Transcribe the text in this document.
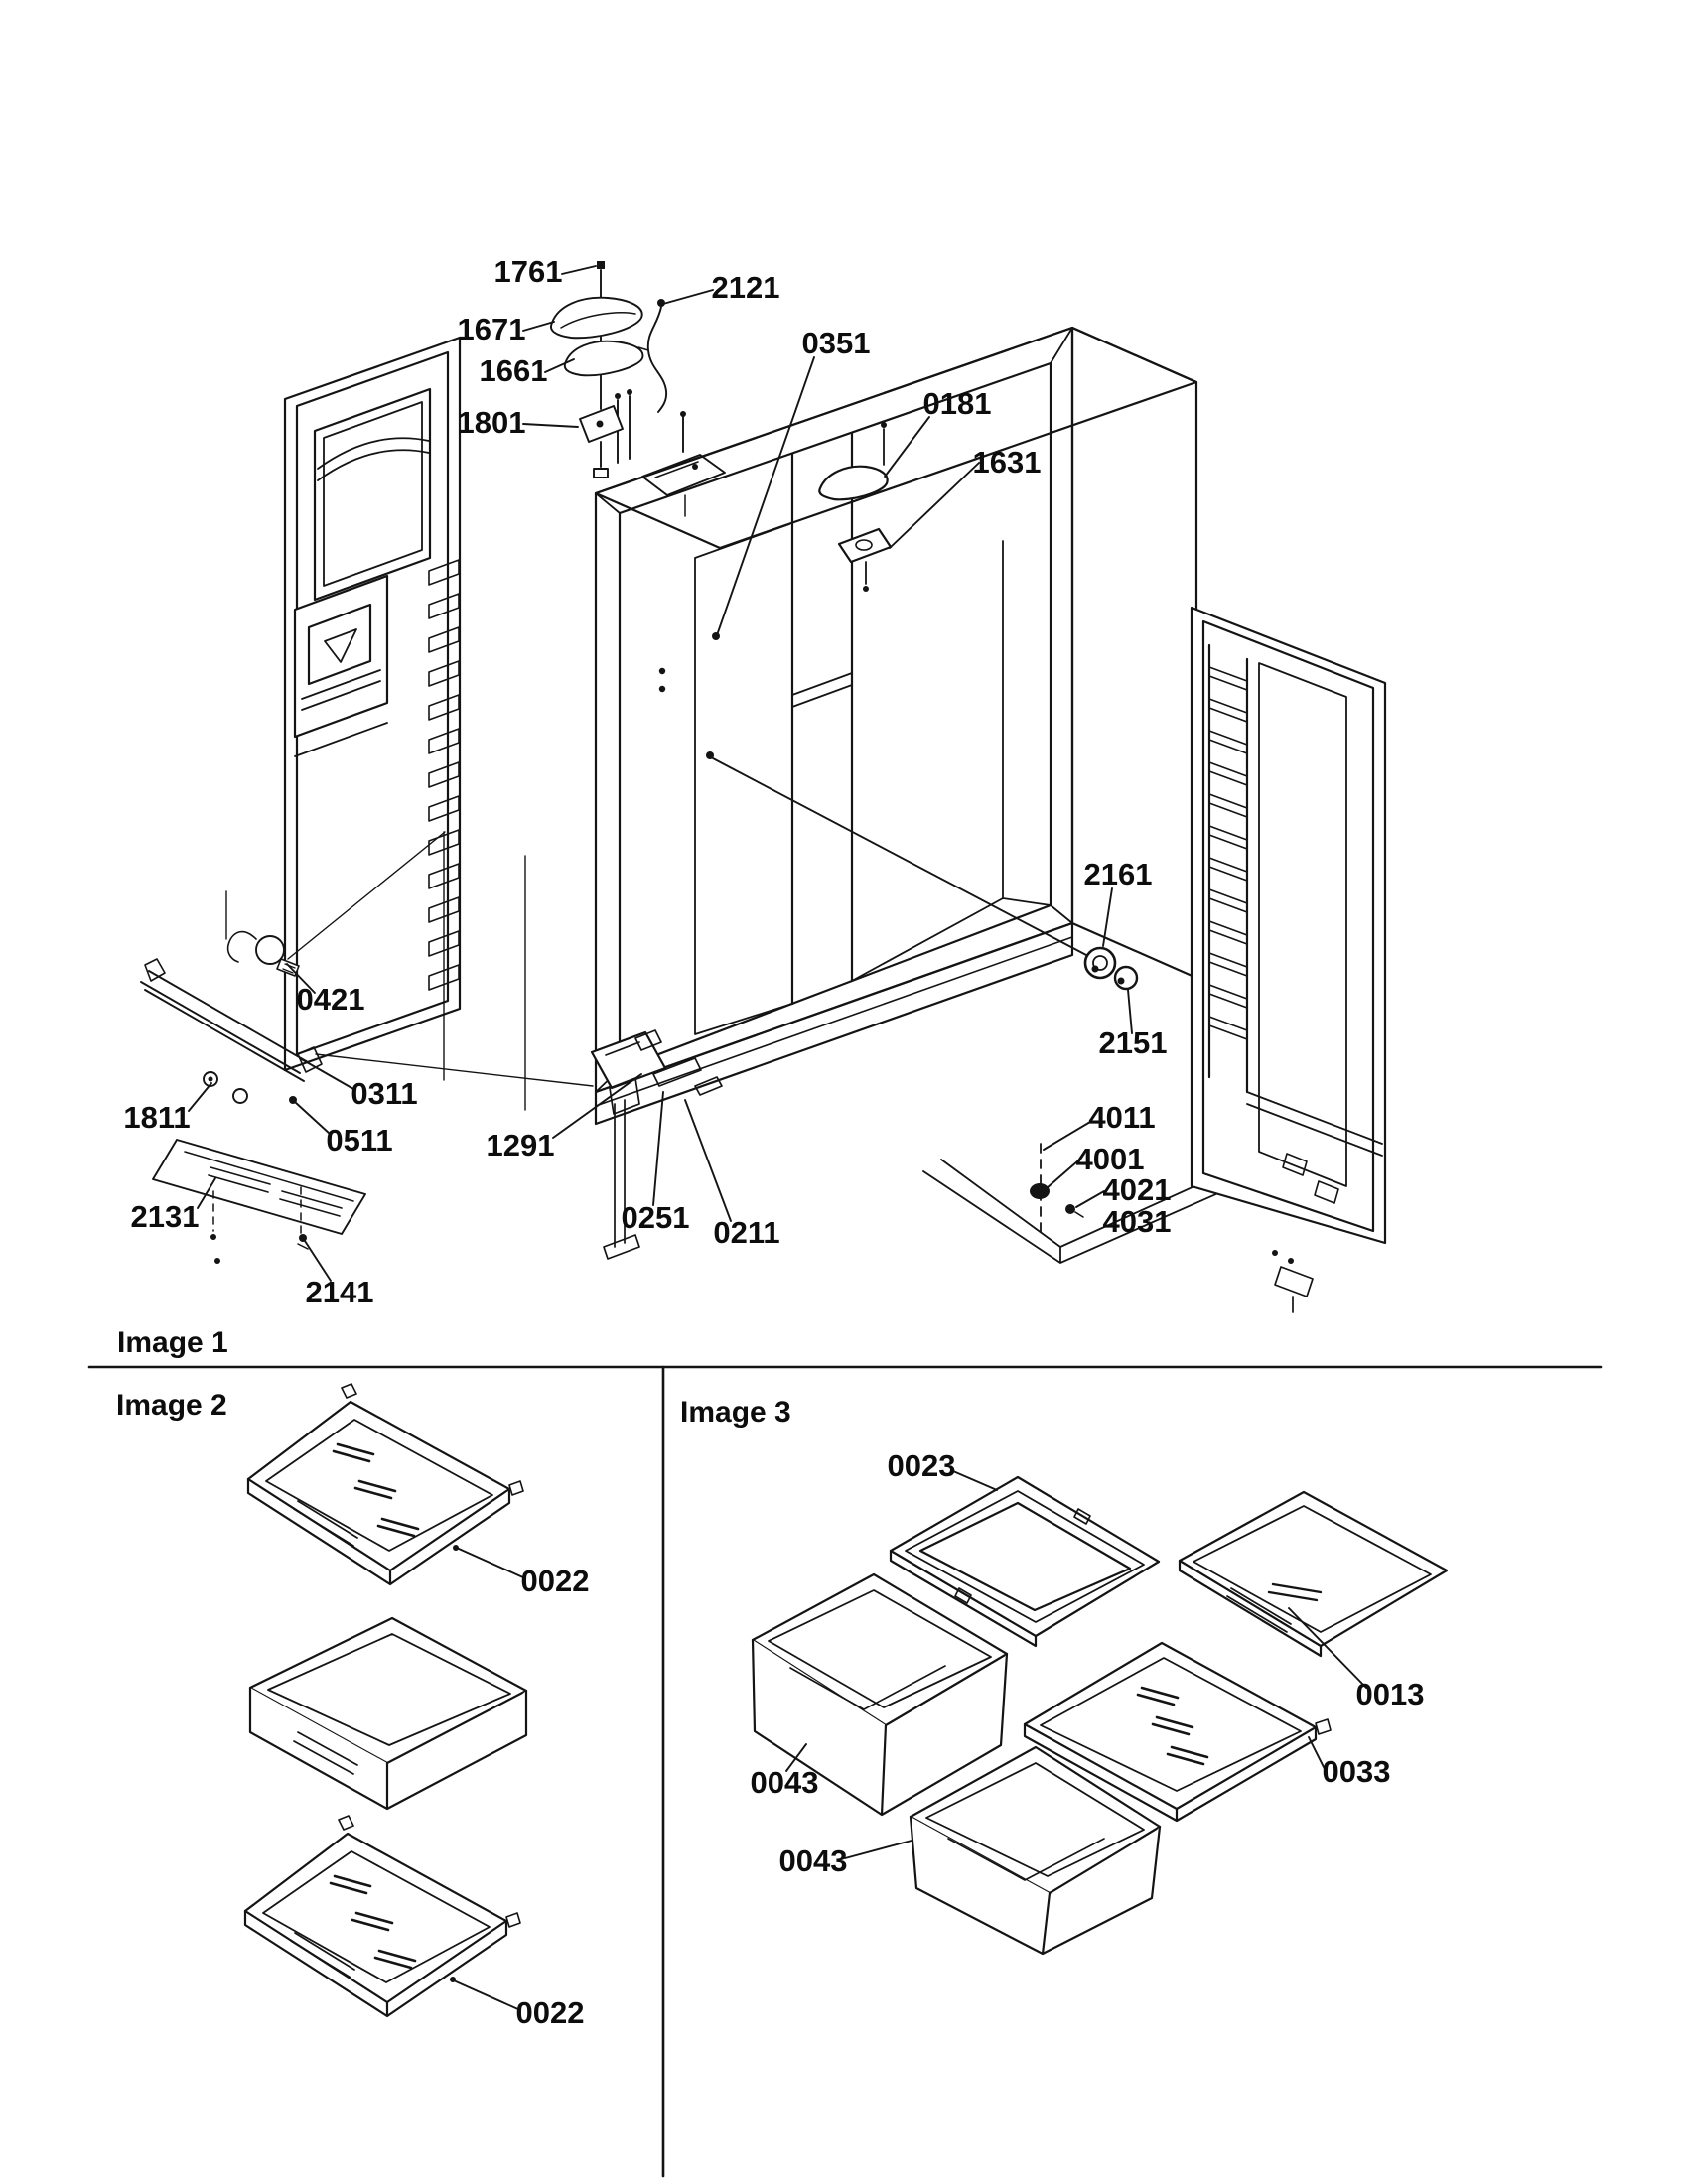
1761	2121
1671
1661
1801
0351
0181
1631
2161
2151
0421
0311
1811
0511
2131
2141
1291
0251 0211
4011
4001
4021
4031
0022
0022
0023
0013
0043	0033
0043
Image 1
Image 2	Image 3
